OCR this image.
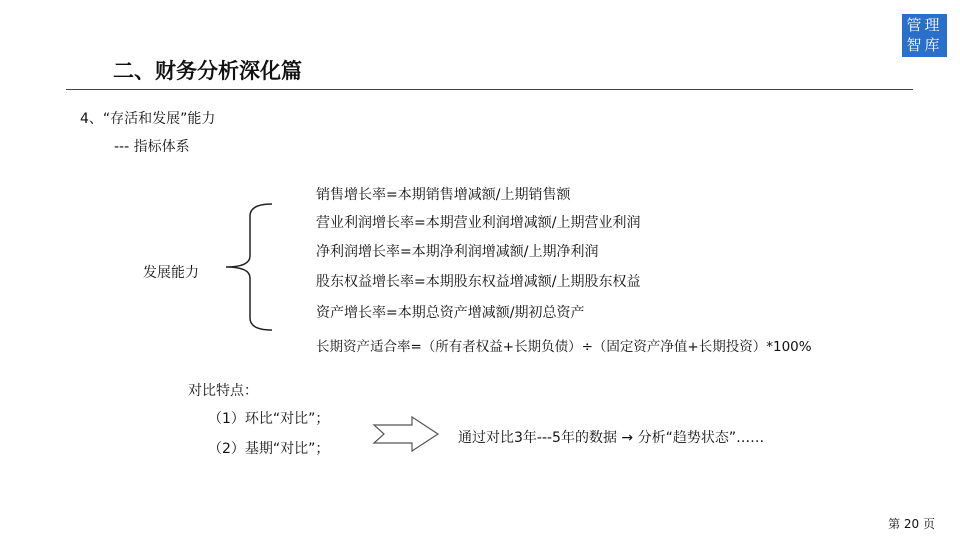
管理
智库
二、财务分析深化篇
4、“存活和发展”能力
--- 指标体系
发展能力
销售增长率=本期销售增减额/上期销售额
营业利润增长率=本期营业利润增减额/上期营业利润
净利润增长率=本期净利润增减额/上期净利润
股东权益增长率=本期股东权益增减额/上期股东权益
资产增长率=本期总资产增减额/期初总资产
长期资产适合率=（所有者权益+长期负债）÷（固定资产净值+长期投资）*100%
对比特点：
（1）环比“对比”；
（2）基期“对比”；
通过对比3年---5年的数据 → 分析“趋势状态”……
第 20 页
